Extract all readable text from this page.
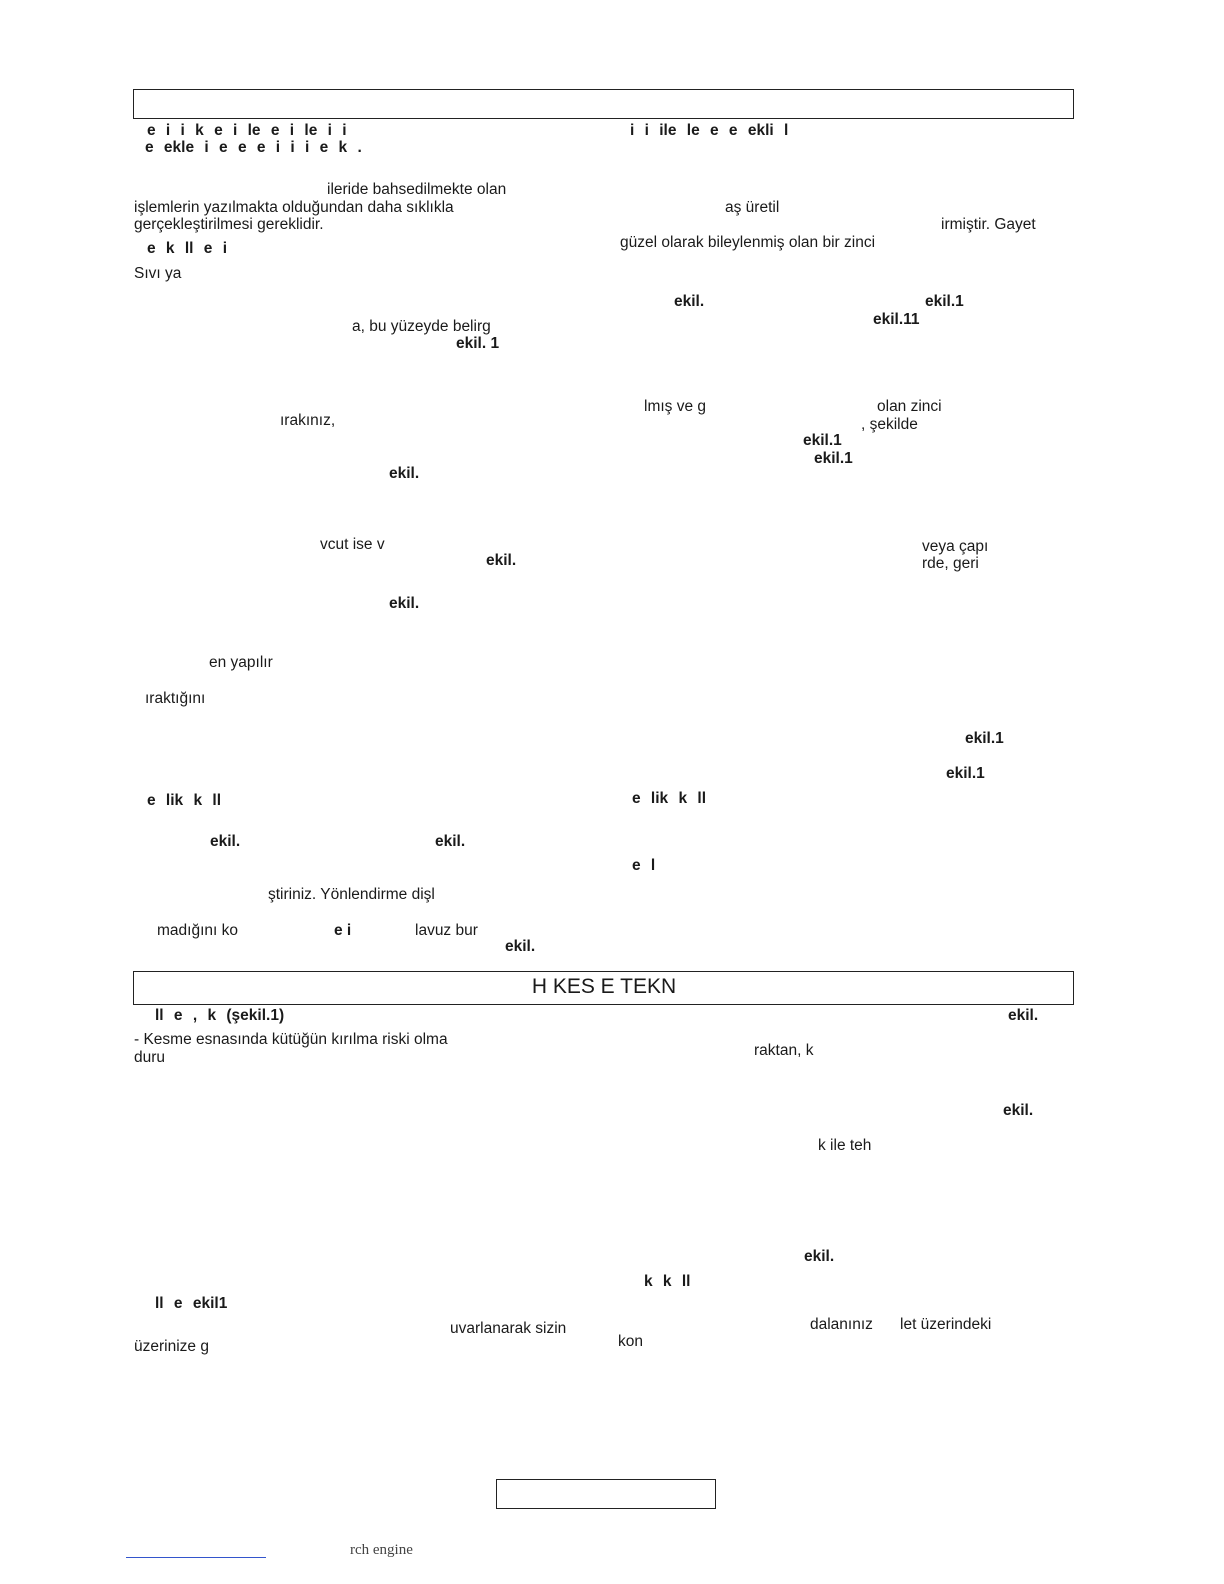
e i i k e i le e i le i i
e ekle i e e e i i i e k .
i i ile le e e ekli l
ileride bahsedilmekte olan
işlemlerin yazılmakta olduğundan daha sıklıkla
gerçekleştirilmesi gereklidir.
e k ll e i
Sıvı ya
a, bu yüzeyde belirg
ekil. 1
ırakınız,
ekil.
vcut ise v
ekil.
ekil.
en yapılır
ıraktığını
e lik k ll
ekil.	ekil.
ştiriniz. Yönlendirme dişl
madığını ko	e i	lavuz bur
ekil.
aş üretil
irmiştir. Gayet
güzel olarak bileylenmiş olan bir zinci
ekil.	ekil.1
ekil.11
lmış ve g	olan zinci
, şekilde
ekil.1
ekil.1
veya çapı
rde, geri
ekil.1
ekil.1
e lik k ll
e l
H KES E TEKN
ll e , k (şekil.1)	ekil.
- Kesme esnasında kütüğün kırılma riski olma
duru
ll e ekil1
uvarlanarak sizin
üzerinize g
raktan, k
ekil.
k ile teh
ekil.
k k ll
dalanınız let üzerindeki
kon
rch engine
